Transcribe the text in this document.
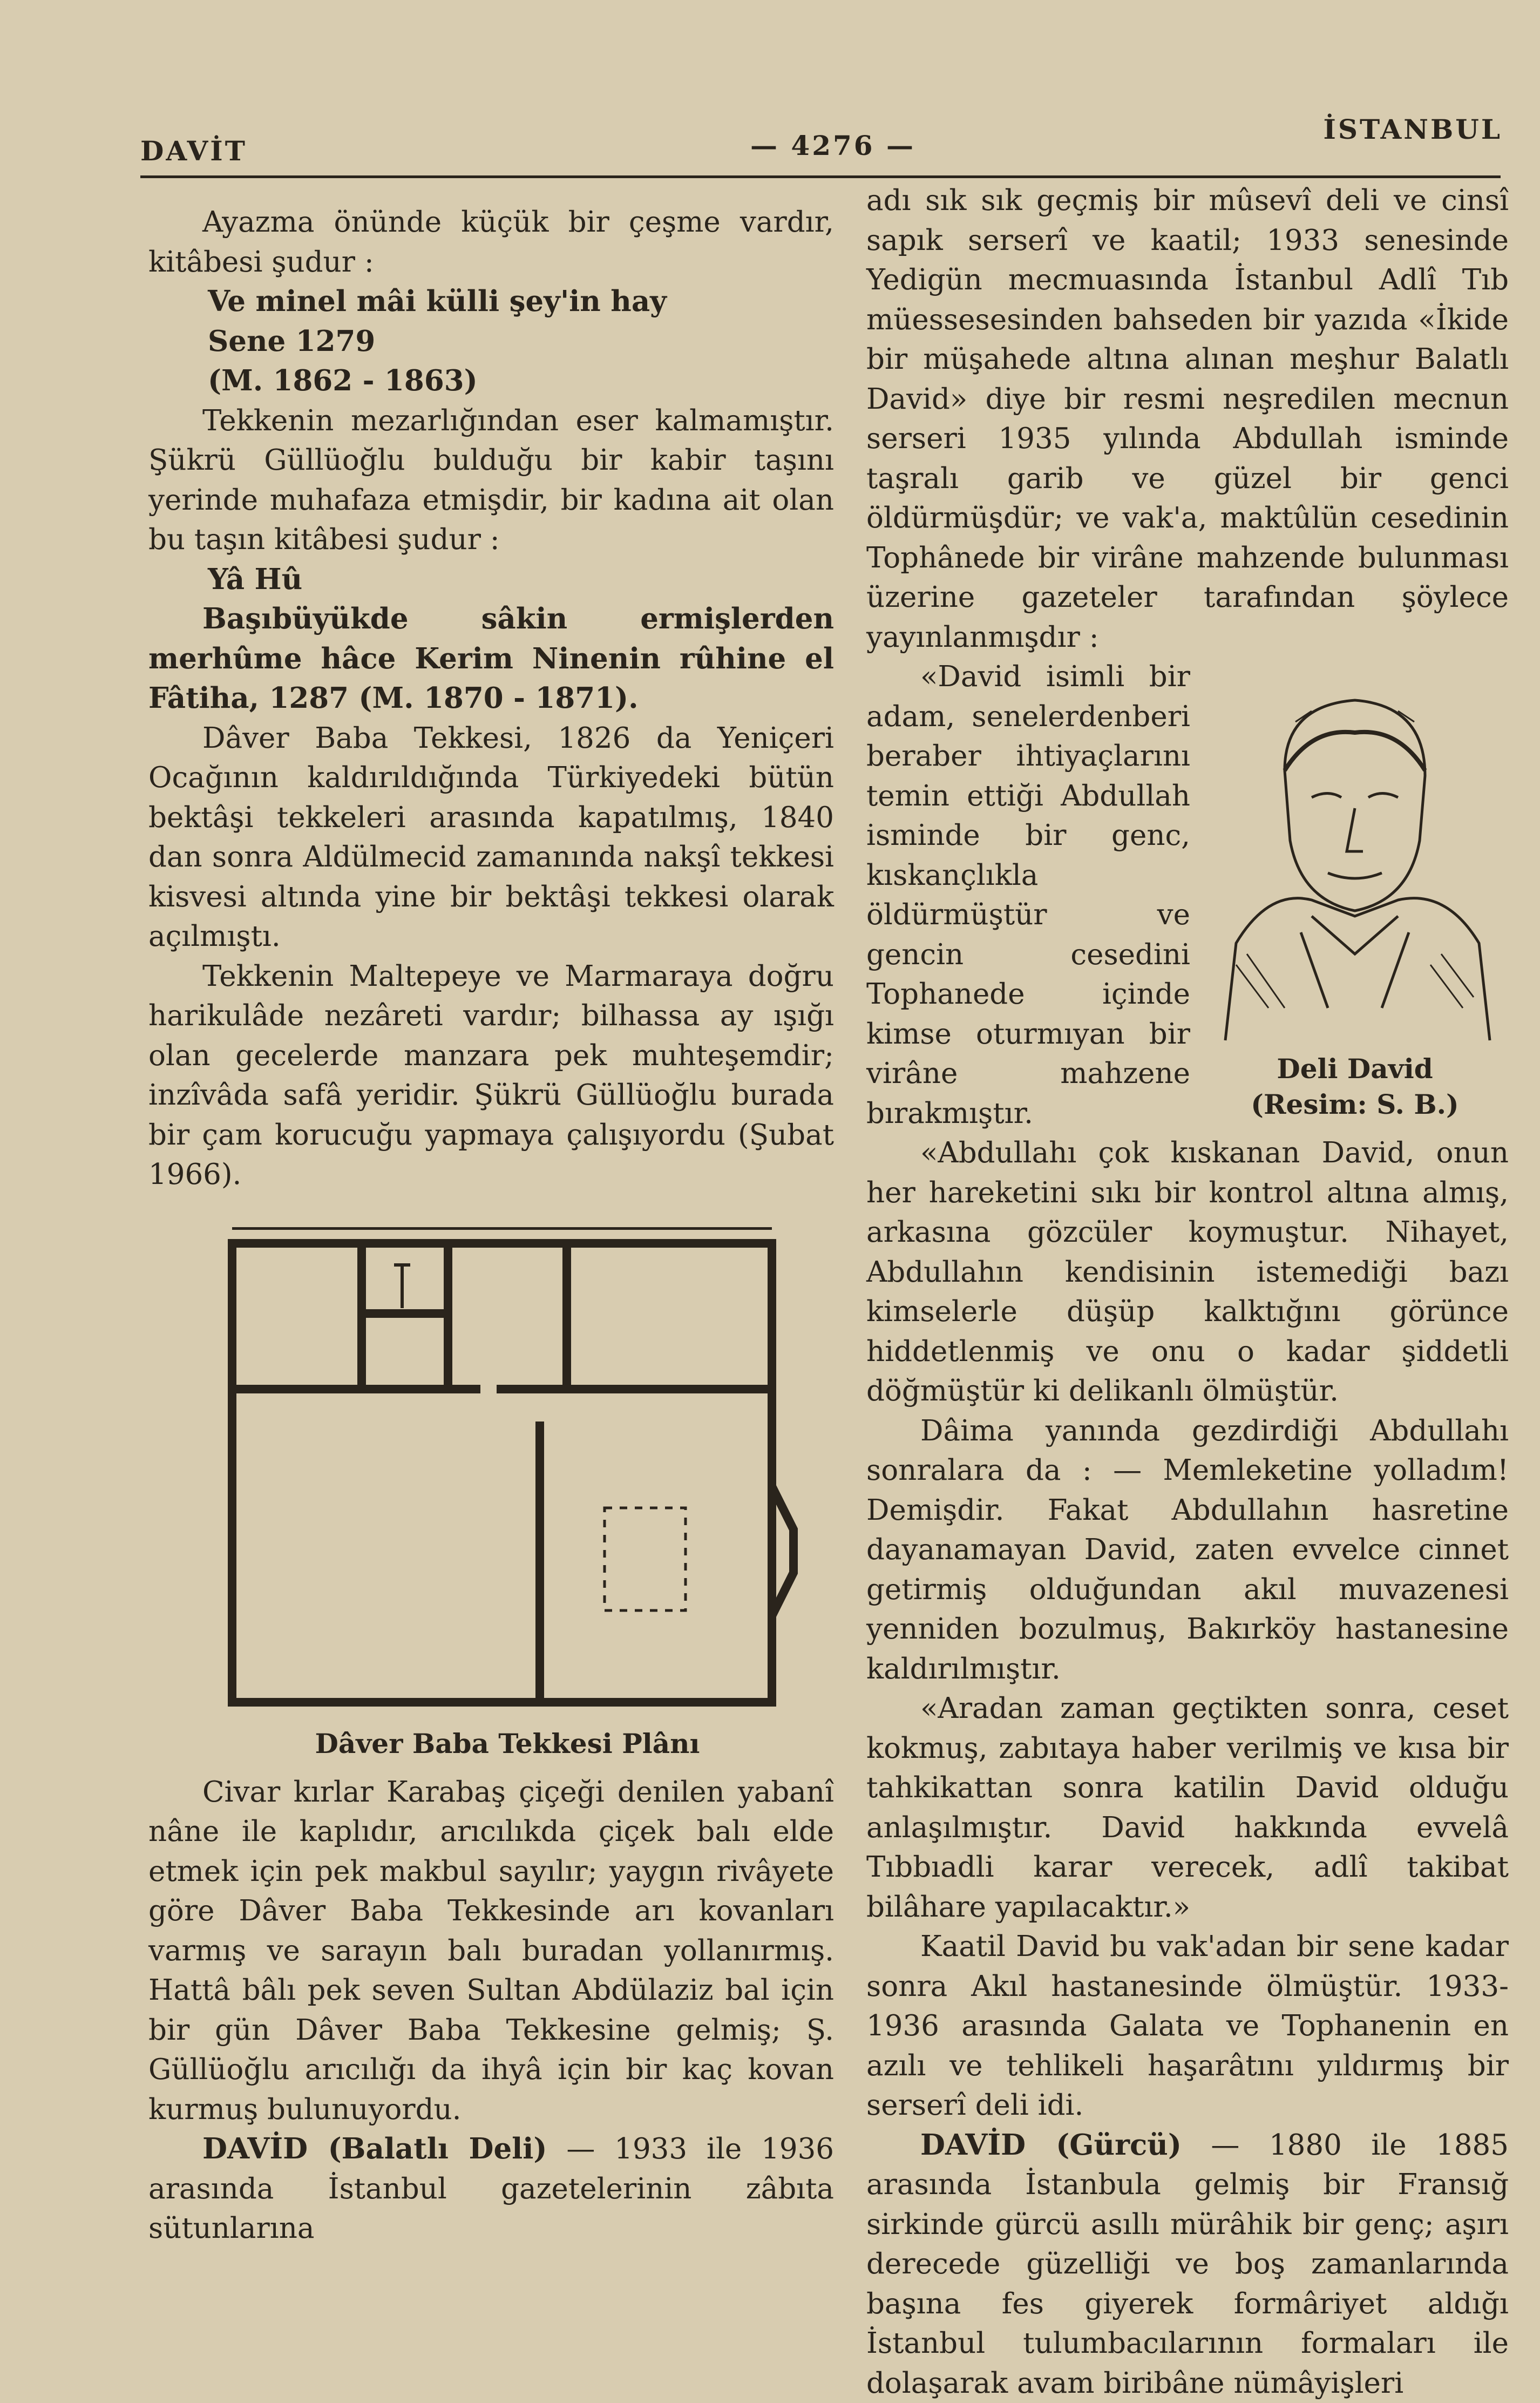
DAVİT	— 4276 —
İSTANBUL

Ayazma önünde küçük bir çeşme vardır, kitâbesi şudur :

Ve minel mâi külli şey'in hay

Sene 1279

(M. 1862 - 1863)

Tekkenin mezarlığından eser kalmamıştır. Şükrü Güllüoğlu bulduğu bir kabir taşını yerinde muhafaza etmişdir, bir kadına ait olan bu taşın kitâbesi şudur :

Yâ Hû

Başıbüyükde sâkin ermişlerden merhûme hâce Kerim Ninenin rûhine el Fâtiha, 1287 (M. 1870 - 1871).

Dâver Baba Tekkesi, 1826 da Yeniçeri Ocağının kaldırıldığında Türkiyedeki bütün bektâşi tekkeleri arasında kapatılmış, 1840 dan sonra Aldülmecid zamanında nakşî tekkesi kisvesi altında yine bir bektâşi tekkesi olarak açılmıştı.

Tekkenin Maltepeye ve Marmaraya doğru harikulâde nezâreti vardır; bilhassa ay ışığı olan gecelerde manzara pek muhteşemdir; inzîvâda safâ yeridir. Şükrü Güllüoğlu burada bir çam korucuğu yapmaya çalışıyordu (Şubat 1966).

Dâver Baba Tekkesi Plânı

Civar kırlar Karabaş çiçeği denilen yabanî nâne ile kaplıdır, arıcılıkda çiçek balı elde etmek için pek makbul sayılır; yaygın rivâyete göre Dâver Baba Tekkesinde arı kovanları varmış ve sarayın balı buradan yollanırmış. Hattâ bâlı pek seven Sultan Abdülaziz bal için bir gün Dâver Baba Tekkesine gelmiş; Ş. Güllüoğlu arıcılığı da ihyâ için bir kaç kovan kurmuş bulunuyordu.

DAVİD (Balatlı Deli) — 1933 ile 1936 arasında İstanbul gazetelerinin zâbıta sütunlarına

adı sık sık geçmiş bir mûsevî deli ve cinsî sapık serserî ve kaatil; 1933 senesinde Yedigün mecmuasında İstanbul Adlî Tıb müessesesinden bahseden bir yazıda «İkide bir müşahede altına alınan meşhur Balatlı David» diye bir resmi neşredilen mecnun serseri 1935 yılında Abdullah isminde taşralı garib ve güzel bir genci öldürmüşdür; ve vak'a, maktûlün cesedinin Tophânede bir virâne mahzende bulunması üzerine gazeteler tarafından şöylece yayınlanmışdır :

Deli David
(Resim: S. B.)

«David isimli bir adam, senelerdenberi beraber ihtiyaçlarını temin ettiği Abdullah isminde bir genc, kıskançlıkla öldürmüştür ve gencin cesedini Tophanede içinde kimse oturmıyan bir virâne mahzene bırakmıştır.

«Abdullahı çok kıskanan David, onun her hareketini sıkı bir kontrol altına almış, arkasına gözcüler koymuştur. Nihayet, Abdullahın kendisinin istemediği bazı kimselerle düşüp kalktığını görünce hiddetlenmiş ve onu o kadar şiddetli döğmüştür ki delikanlı ölmüştür.

Dâima yanında gezdirdiği Abdullahı sonralara da : — Memleketine yolladım! Demişdir. Fakat Abdullahın hasretine dayanamayan David, zaten evvelce cinnet getirmiş olduğundan akıl muvazenesi yenniden bozulmuş, Bakırköy hastanesine kaldırılmıştır.

«Aradan zaman geçtikten sonra, ceset kokmuş, zabıtaya haber verilmiş ve kısa bir tahkikattan sonra katilin David olduğu anlaşılmıştır. David hakkında evvelâ Tıbbıadli karar verecek, adlî takibat bilâhare yapılacaktır.»

Kaatil David bu vak'adan bir sene kadar sonra Akıl hastanesinde ölmüştür. 1933-1936 arasında Galata ve Tophanenin en azılı ve tehlikeli haşarâtını yıldırmış bir serserî deli idi.

DAVİD (Gürcü) — 1880 ile 1885 arasında İstanbula gelmiş bir Fransığ sirkinde gürcü asıllı mürâhik bir genç; aşırı derecede güzelliği ve boş zamanlarında başına fes giyerek formâriyet aldığı İstanbul tulumbacılarının formaları ile dolaşarak avam biribâne nümâyişleri
